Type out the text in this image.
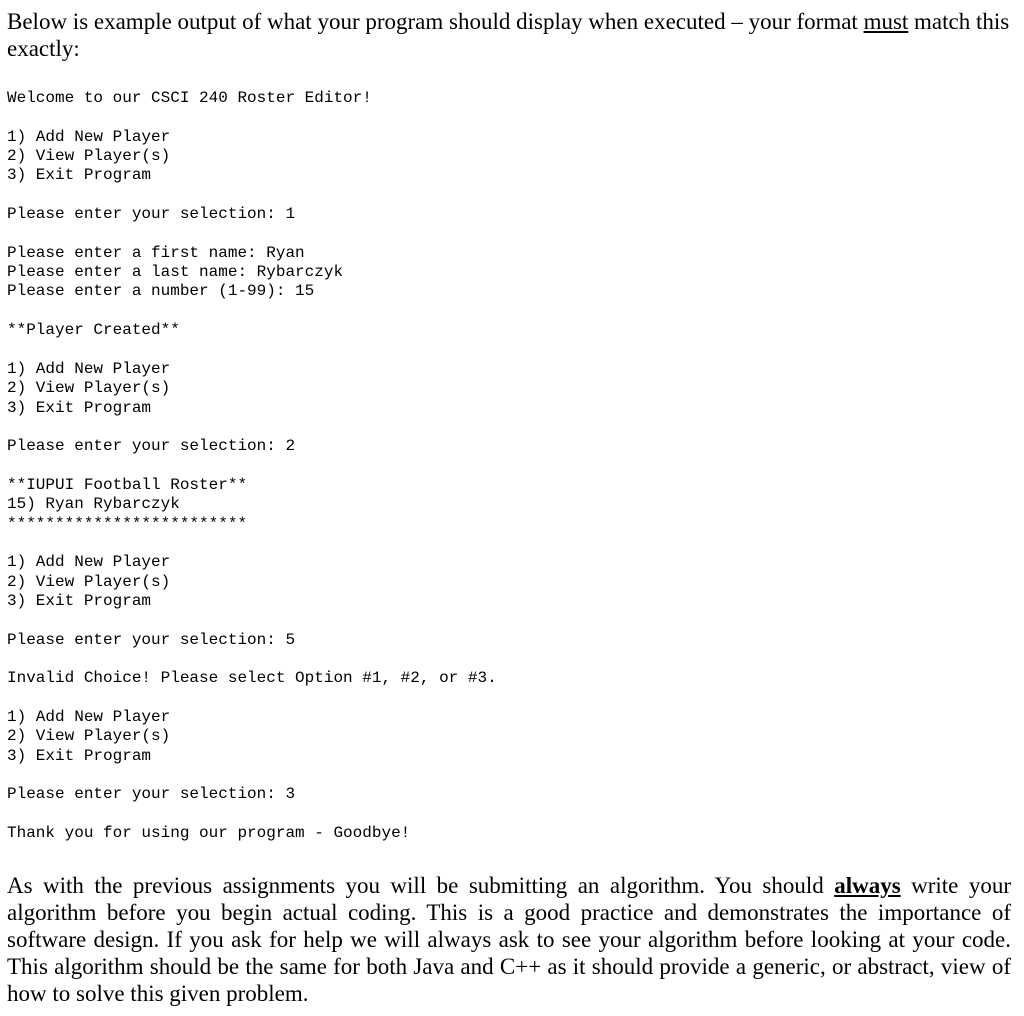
Below is example output of what your program should display when executed – your format must match this exactly:

Welcome to our CSCI 240 Roster Editor!
1) Add New Player
2) View Player(s)
3) Exit Program
Please enter your selection: 1
Please enter a first name: Ryan
Please enter a last name: Rybarczyk
Please enter a number (1-99): 15
**Player Created**
1) Add New Player
2) View Player(s)
3) Exit Program
Please enter your selection: 2
**IUPUI Football Roster**
15) Ryan Rybarczyk
*************************
1) Add New Player
2) View Player(s)
3) Exit Program
Please enter your selection: 5
Invalid Choice! Please select Option #1, #2, or #3.
1) Add New Player
2) View Player(s)
3) Exit Program
Please enter your selection: 3
Thank you for using our program - Goodbye!

As with the previous assignments you will be submitting an algorithm. You should always write your algorithm before you begin actual coding. This is a good practice and demonstrates the importance of software design. If you ask for help we will always ask to see your algorithm before looking at your code. This algorithm should be the same for both Java and C++ as it should provide a generic, or abstract, view of how to solve this given problem.
